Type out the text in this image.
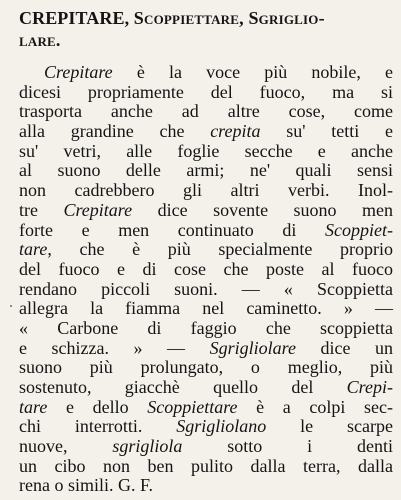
CREPITARE, Scoppiettare, Sgriglio-
lare.
Crepitare è la voce più nobile, e
dicesi propriamente del fuoco, ma si
trasporta anche ad altre cose, come
alla grandine che crepita su' tetti e
su' vetri, alle foglie secche e anche
al suono delle armi; ne' quali sensi
non cadrebbero gli altri verbi. Inol-
tre Crepitare dice sovente suono men
forte e men continuato di Scoppiet-
tare, che è più specialmente proprio
del fuoco e di cose che poste al fuoco
rendano piccoli suoni. — « Scoppietta
allegra la fiamma nel caminetto. » —
« Carbone di faggio che scoppietta
e schizza. » — Sgrigliolare dice un
suono più prolungato, o meglio, più
sostenuto, giacchè quello del Crepi-
tare e dello Scoppiettare è a colpi sec-
chi interrotti. Sgrigliolano le scarpe
nuove, sgrigliola sotto i denti
un cibo non ben pulito dalla terra, dalla
rena o simili. G. F.
